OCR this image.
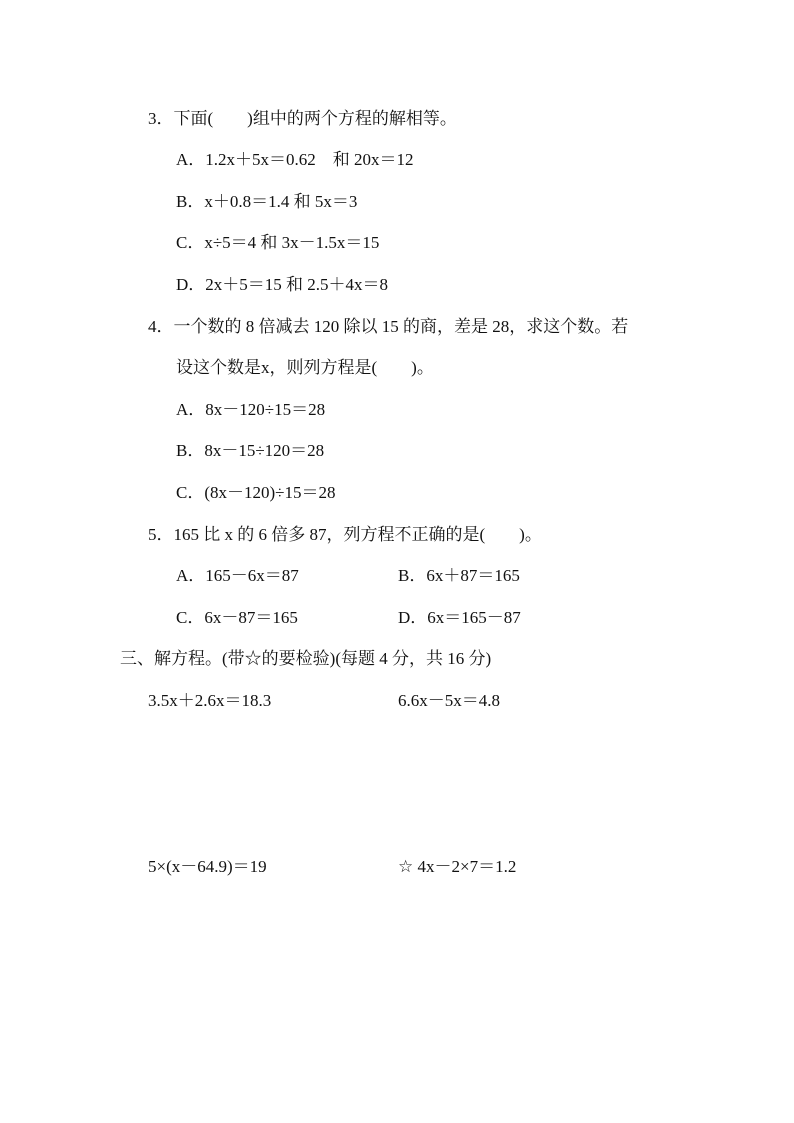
3．下面(　　)组中的两个方程的解相等。
A．1.2x＋5x＝0.62　和 20x＝12
B．x＋0.8＝1.4 和 5x＝3
C．x÷5＝4 和 3x－1.5x＝15
D．2x＋5＝15 和 2.5＋4x＝8
4．一个数的 8 倍减去 120 除以 15 的商，差是 28，求这个数。若
设这个数是x，则列方程是(　　)。
A．8x－120÷15＝28
B．8x－15÷120＝28
C．(8x－120)÷15＝28
5．165 比 x 的 6 倍多 87，列方程不正确的是(　　)。
A．165－6x＝87	B．6x＋87＝165
C．6x－87＝165	D．6x＝165－87
三、解方程。(带☆的要检验)(每题 4 分，共 16 分)
3.5x＋2.6x＝18.3	6.6x－5x＝4.8
5×(x－64.9)＝19	☆ 4x－2×7＝1.2
